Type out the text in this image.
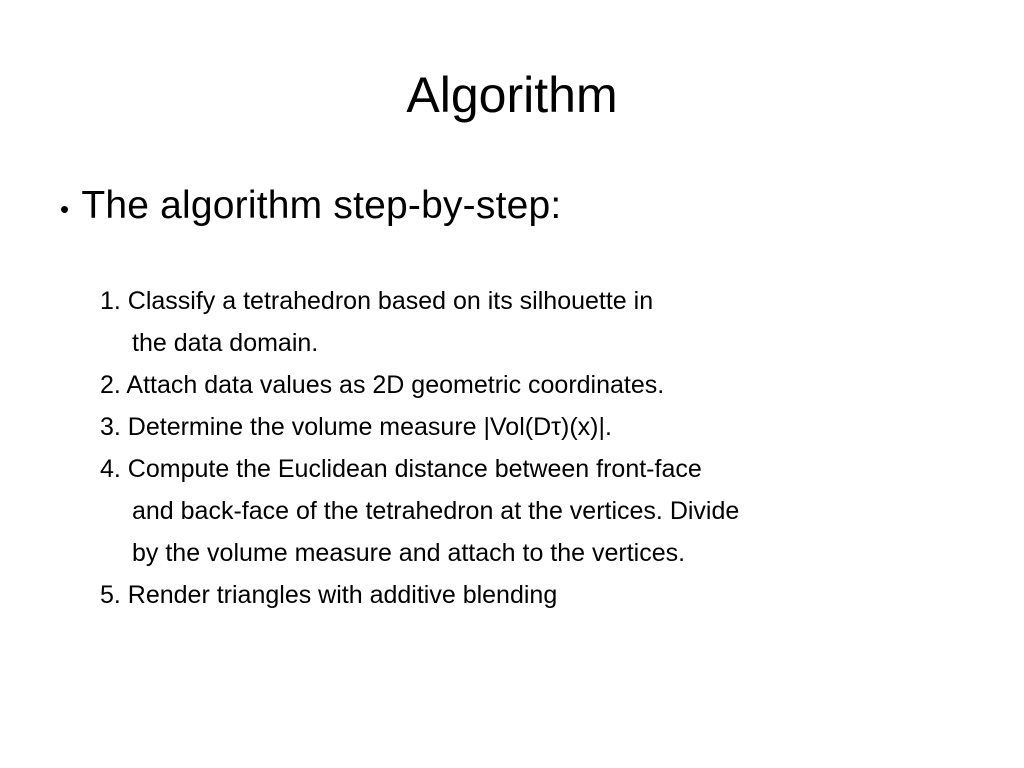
Algorithm
• The algorithm step-by-step:
1. Classify a tetrahedron based on its silhouette in
the data domain.
2. Attach data values as 2D geometric coordinates.
3. Determine the volume measure |Vol(Dτ)(x)|.
4. Compute the Euclidean distance between front-face
and back-face of the tetrahedron at the vertices. Divide
by the volume measure and attach to the vertices.
5. Render triangles with additive blending
